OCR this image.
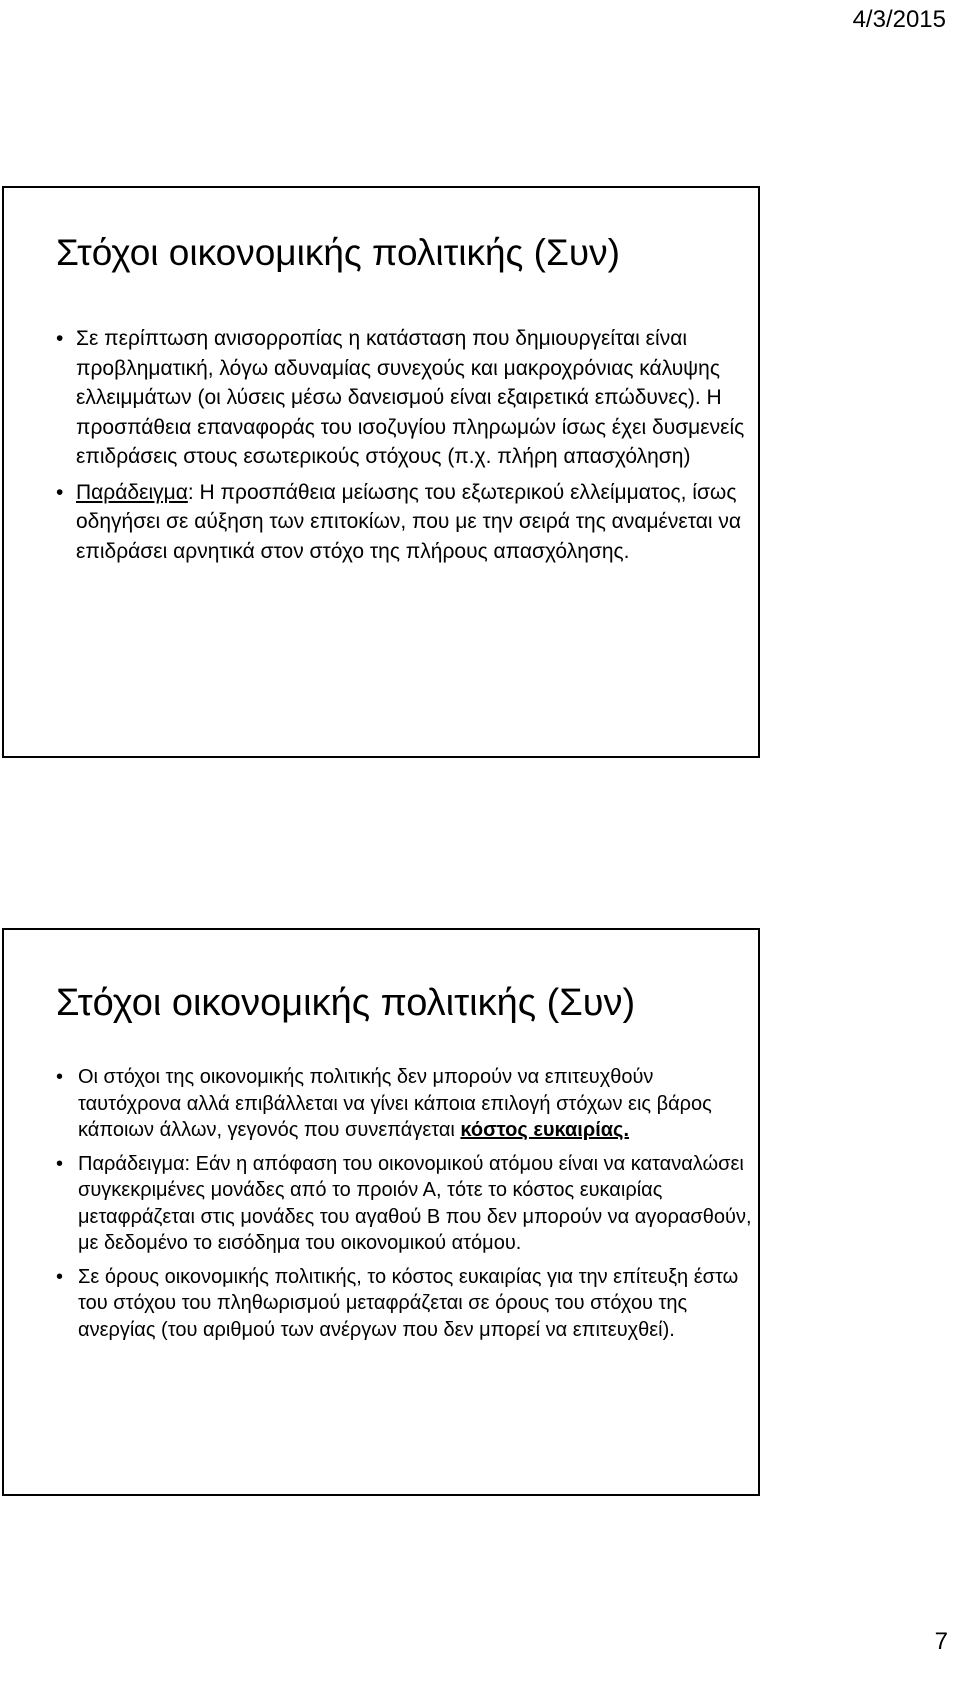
4/3/2015
Στόχοι οικονομικής πολιτικής (Συν)
• Σε περίπτωση ανισορροπίας η κατάσταση που δημιουργείται είναι προβληματική, λόγω αδυναμίας συνεχούς και μακροχρόνιας κάλυψης ελλειμμάτων (οι λύσεις μέσω δανεισμού είναι εξαιρετικά επώδυνες). Η προσπάθεια επαναφοράς του ισοζυγίου πληρωμών ίσως έχει δυσμενείς επιδράσεις στους εσωτερικούς στόχους (π.χ. πλήρη απασχόληση)
• Παράδειγμα: Η προσπάθεια μείωσης του εξωτερικού ελλείμματος, ίσως οδηγήσει σε αύξηση των επιτοκίων, που με την σειρά της αναμένεται να επιδράσει αρνητικά στον στόχο της πλήρους απασχόλησης.
Στόχοι οικονομικής πολιτικής (Συν)
• Οι στόχοι της οικονομικής πολιτικής δεν μπορούν να επιτευχθούν ταυτόχρονα αλλά επιβάλλεται να γίνει κάποια επιλογή στόχων εις βάρος κάποιων άλλων, γεγονός που συνεπάγεται κόστος ευκαιρίας.
• Παράδειγμα: Εάν η απόφαση του οικονομικού ατόμου είναι να καταναλώσει συγκεκριμένες μονάδες από το προιόν Α, τότε το κόστος ευκαιρίας μεταφράζεται στις μονάδες του αγαθού Β που δεν μπορούν να αγορασθούν, με δεδομένο το εισόδημα του οικονομικού ατόμου.
• Σε όρους οικονομικής πολιτικής, το κόστος ευκαιρίας για την επίτευξη έστω του στόχου του πληθωρισμού μεταφράζεται σε όρους του στόχου της ανεργίας (του αριθμού των ανέργων που δεν μπορεί να επιτευχθεί).
7
